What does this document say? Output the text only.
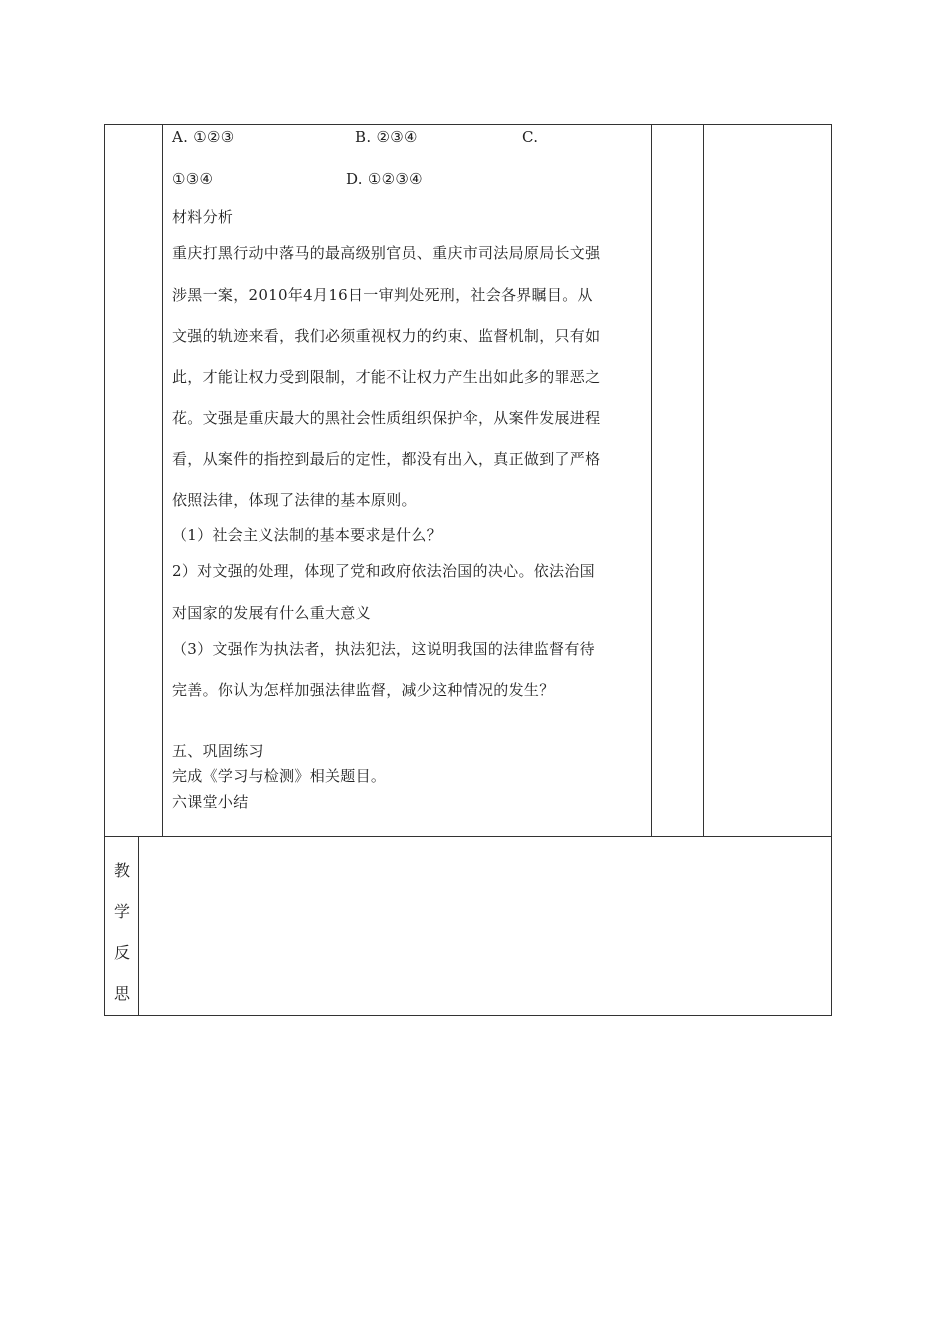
A. ①②③	B. ②③④	C.
①③④	D. ①②③④
材料分析
重庆打黑行动中落马的最高级别官员、重庆市司法局原局长文强
涉黑一案，2010年4月16日一审判处死刑，社会各界瞩目。从
文强的轨迹来看，我们必须重视权力的约束、监督机制，只有如
此，才能让权力受到限制，才能不让权力产生出如此多的罪恶之
花。文强是重庆最大的黑社会性质组织保护伞，从案件发展进程
看，从案件的指控到最后的定性，都没有出入，真正做到了严格
依照法律，体现了法律的基本原则。
（1）社会主义法制的基本要求是什么？
2）对文强的处理，体现了党和政府依法治国的决心。依法治国
对国家的发展有什么重大意义
（3）文强作为执法者，执法犯法，这说明我国的法律监督有待
完善。你认为怎样加强法律监督，减少这种情况的发生？
五、巩固练习
完成《学习与检测》相关题目。
六课堂小结
教
学
反
思
